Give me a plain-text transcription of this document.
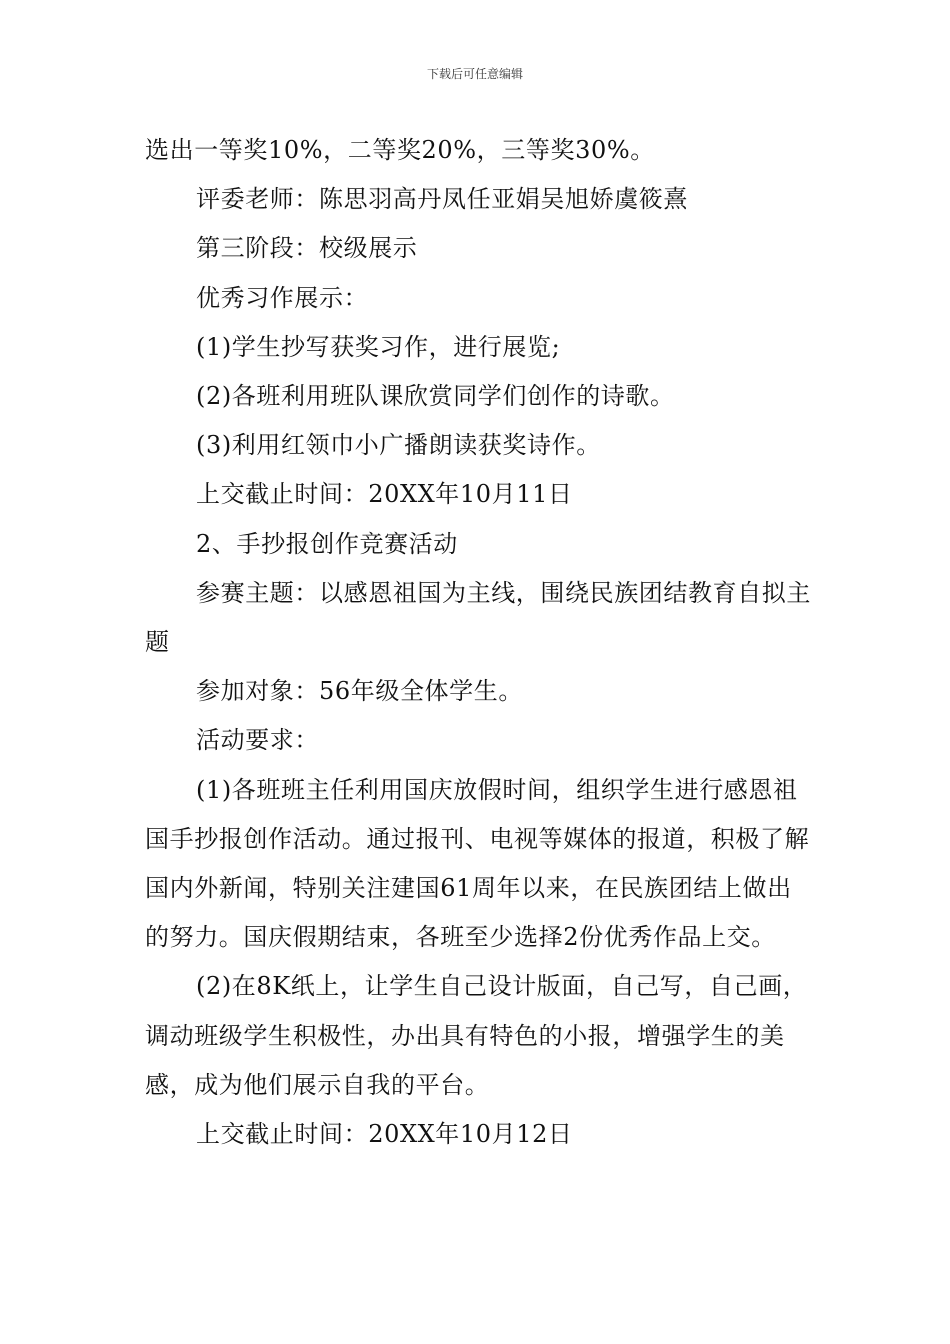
下载后可任意编辑

选出一等奖10%，二等奖20%，三等奖30%。

评委老师：陈思羽高丹凤任亚娟吴旭娇虞筱熹

第三阶段：校级展示

优秀习作展示：

(1)学生抄写获奖习作，进行展览;

(2)各班利用班队课欣赏同学们创作的诗歌。

(3)利用红领巾小广播朗读获奖诗作。

上交截止时间：20XX年10月11日

2、手抄报创作竞赛活动

参赛主题：以感恩祖国为主线，围绕民族团结教育自拟主题

参加对象：56年级全体学生。

活动要求：

(1)各班班主任利用国庆放假时间，组织学生进行感恩祖国手抄报创作活动。通过报刊、电视等媒体的报道，积极了解国内外新闻，特别关注建国61周年以来，在民族团结上做出的努力。国庆假期结束，各班至少选择2份优秀作品上交。

(2)在8K纸上，让学生自己设计版面，自己写，自己画，调动班级学生积极性，办出具有特色的小报，增强学生的美感，成为他们展示自我的平台。

上交截止时间：20XX年10月12日
